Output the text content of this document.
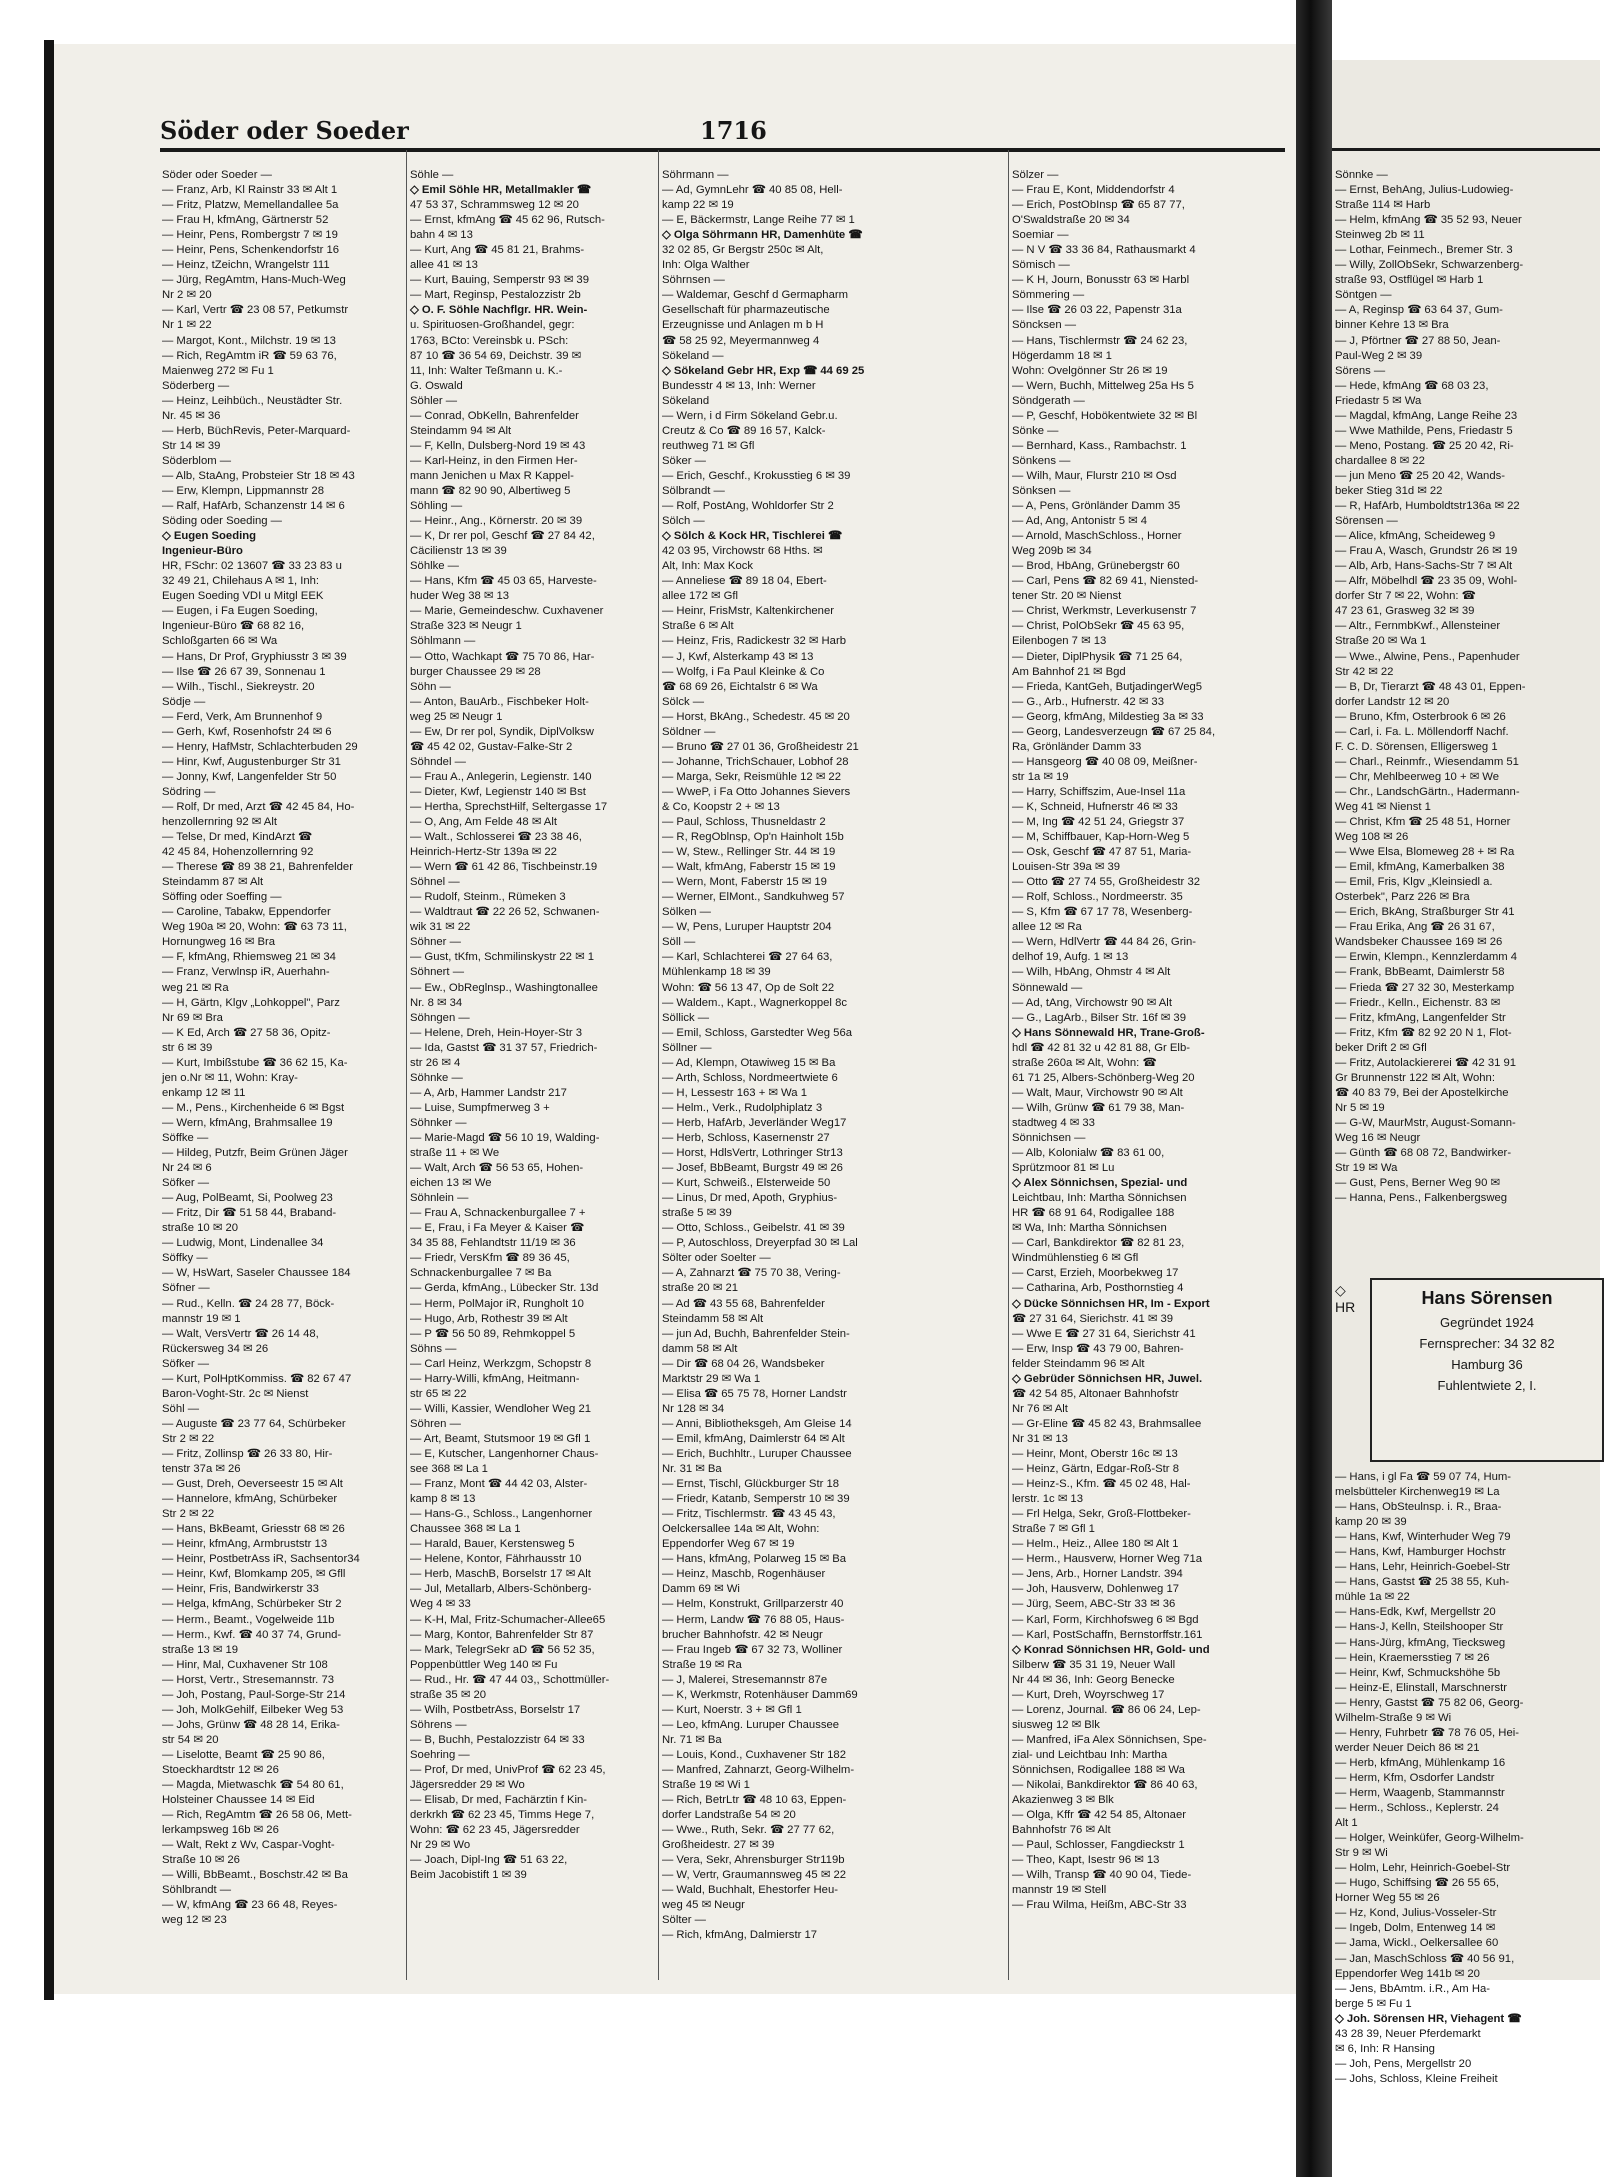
Söder oder Soeder	1716
Söder oder Soeder —
— Franz, Arb, Kl Rainstr 33 ✉ Alt 1
— Fritz, Platzw, Memellandallee 5a
— Frau H, kfmAng, Gärtnerstr 52
— Heinr, Pens, Rombergstr 7 ✉ 19
— Heinr, Pens, Schenkendorfstr 16
— Heinz, tZeichn, Wrangelstr 111
— Jürg, RegAmtm, Hans-Much-Weg
Nr 2 ✉ 20
— Karl, Vertr ☎ 23 08 57, Petkumstr
Nr 1 ✉ 22
— Margot, Kont., Milchstr. 19 ✉ 13
— Rich, RegAmtm iR ☎ 59 63 76,
Maienweg 272 ✉ Fu 1
Söderberg —
— Heinz, Leihbüch., Neustädter Str.
Nr. 45 ✉ 36
— Herb, BüchRevis, Peter-Marquard-
Str 14 ✉ 39
Söderblom —
— Alb, StaAng, Probsteier Str 18 ✉ 43
— Erw, Klempn, Lippmannstr 28
— Ralf, HafArb, Schanzenstr 14 ✉ 6
Söding oder Soeding —
◇ Eugen Soeding
Ingenieur-Büro
HR, FSchr: 02 13607 ☎ 33 23 83 u
32 49 21, Chilehaus A ✉ 1, Inh:
Eugen Soeding VDI u Mitgl EEK
— Eugen, i Fa Eugen Soeding,
Ingenieur-Büro ☎ 68 82 16,
Schloßgarten 66 ✉ Wa
— Hans, Dr Prof, Gryphiusstr 3 ✉ 39
— Ilse ☎ 26 67 39, Sonnenau 1
— Wilh., Tischl., Siekreystr. 20
Södje —
— Ferd, Verk, Am Brunnenhof 9
— Gerh, Kwf, Rosenhofstr 24 ✉ 6
— Henry, HafMstr, Schlachterbuden 29
— Hinr, Kwf, Augustenburger Str 31
— Jonny, Kwf, Langenfelder Str 50
Södring —
— Rolf, Dr med, Arzt ☎ 42 45 84, Ho-
henzollernring 92 ✉ Alt
— Telse, Dr med, KindArzt ☎
42 45 84, Hohenzollernring 92
— Therese ☎ 89 38 21, Bahrenfelder
Steindamm 87 ✉ Alt
Söffing oder Soeffing —
— Caroline, Tabakw, Eppendorfer
Weg 190a ✉ 20, Wohn: ☎ 63 73 11,
Hornungweg 16 ✉ Bra
— F, kfmAng, Rhiemsweg 21 ✉ 34
— Franz, Verwlnsp iR, Auerhahn-
weg 21 ✉ Ra
— H, Gärtn, Klgv „Lohkoppel", Parz
Nr 69 ✉ Bra
— K Ed, Arch ☎ 27 58 36, Opitz-
str 6 ✉ 39
— Kurt, Imbißstube ☎ 36 62 15, Ka-
jen o.Nr ✉ 11, Wohn: Kray-
enkamp 12 ✉ 11
— M., Pens., Kirchenheide 6 ✉ Bgst
— Wern, kfmAng, Brahmsallee 19
Söffke —
— Hildeg, Putzfr, Beim Grünen Jäger
Nr 24 ✉ 6
Söfker —
— Aug, PolBeamt, Si, Poolweg 23
— Fritz, Dir ☎ 51 58 44, Braband-
straße 10 ✉ 20
— Ludwig, Mont, Lindenallee 34
Söffky —
— W, HsWart, Saseler Chaussee 184
Söfner —
— Rud., Kelln. ☎ 24 28 77, Böck-
mannstr 19 ✉ 1
— Walt, VersVertr ☎ 26 14 48,
Rückersweg 34 ✉ 26
Söfker —
— Kurt, PolHptKommiss. ☎ 82 67 47
Baron-Voght-Str. 2c ✉ Nienst
Söhl —
— Auguste ☎ 23 77 64, Schürbeker
Str 2 ✉ 22
— Fritz, Zollinsp ☎ 26 33 80, Hir-
tenstr 37a ✉ 26
— Gust, Dreh, Oeverseestr 15 ✉ Alt
— Hannelore, kfmAng, Schürbeker
Str 2 ✉ 22
— Hans, BkBeamt, Griesstr 68 ✉ 26
— Heinr, kfmAng, Armbruststr 13
— Heinr, PostbetrAss iR, Sachsentor34
— Heinr, Kwf, Blomkamp 205, ✉ Gfll
— Heinr, Fris, Bandwirkerstr 33
— Helga, kfmAng, Schürbeker Str 2
— Herm., Beamt., Vogelweide 11b
— Herm., Kwf. ☎ 40 37 74, Grund-
straße 13 ✉ 19
— Hinr, Mal, Cuxhavener Str 108
— Horst, Vertr., Stresemannstr. 73
— Joh, Postang, Paul-Sorge-Str 214
— Joh, MolkGehilf, Eilbeker Weg 53
— Johs, Grünw ☎ 48 28 14, Erika-
str 54 ✉ 20
— Liselotte, Beamt ☎ 25 90 86,
Stoeckhardtstr 12 ✉ 26
— Magda, Mietwaschk ☎ 54 80 61,
Holsteiner Chaussee 14 ✉ Eid
— Rich, RegAmtm ☎ 26 58 06, Mett-
lerkampsweg 16b ✉ 26
— Walt, Rekt z Wv, Caspar-Voght-
Straße 10 ✉ 26
— Willi, BbBeamt., Boschstr.42 ✉ Ba
Söhlbrandt —
— W, kfmAng ☎ 23 66 48, Reyes-
weg 12 ✉ 23
Söhle —
◇ Emil Söhle HR, Metallmakler ☎
47 53 37, Schrammsweg 12 ✉ 20
— Ernst, kfmAng ☎ 45 62 96, Rutsch-
bahn 4 ✉ 13
— Kurt, Ang ☎ 45 81 21, Brahms-
allee 41 ✉ 13
— Kurt, Bauing, Semperstr 93 ✉ 39
— Mart, Reginsp, Pestalozzistr 2b
◇ O. F. Söhle Nachflgr. HR. Wein-
u. Spirituosen-Großhandel, gegr:
1763, BCto: Vereinsbk u. PSch:
87 10 ☎ 36 54 69, Deichstr. 39 ✉
11, Inh: Walter Teßmann u. K.-
G. Oswald
Söhler —
— Conrad, ObKelln, Bahrenfelder
Steindamm 94 ✉ Alt
— F, Kelln, Dulsberg-Nord 19 ✉ 43
— Karl-Heinz, in den Firmen Her-
mann Jenichen u Max R Kappel-
mann ☎ 82 90 90, Albertiweg 5
Söhling —
— Heinr., Ang., Körnerstr. 20 ✉ 39
— K, Dr rer pol, Geschf ☎ 27 84 42,
Cäcilienstr 13 ✉ 39
Söhlke —
— Hans, Kfm ☎ 45 03 65, Harveste-
huder Weg 38 ✉ 13
— Marie, Gemeindeschw. Cuxhavener
Straße 323 ✉ Neugr 1
Söhlmann —
— Otto, Wachkapt ☎ 75 70 86, Har-
burger Chaussee 29 ✉ 28
Söhn —
— Anton, BauArb., Fischbeker Holt-
weg 25 ✉ Neugr 1
— Ew, Dr rer pol, Syndik, DiplVolksw
☎ 45 42 02, Gustav-Falke-Str 2
Söhndel —
— Frau A., Anlegerin, Legienstr. 140
— Dieter, Kwf, Legienstr 140 ✉ Bst
— Hertha, SprechstHilf, Seltergasse 17
— O, Ang, Am Felde 48 ✉ Alt
— Walt., Schlosserei ☎ 23 38 46,
Heinrich-Hertz-Str 139a ✉ 22
— Wern ☎ 61 42 86, Tischbeinstr.19
Söhnel —
— Rudolf, Steinm., Rümeken 3
— Waldtraut ☎ 22 26 52, Schwanen-
wik 31 ✉ 22
Söhner —
— Gust, tKfm, Schmilinskystr 22 ✉ 1
Söhnert —
— Ew., ObReglnsp., Washingtonallee
Nr. 8 ✉ 34
Söhngen —
— Helene, Dreh, Hein-Hoyer-Str 3
— Ida, Gastst ☎ 31 37 57, Friedrich-
str 26 ✉ 4
Söhnke —
— A, Arb, Hammer Landstr 217
— Luise, Sumpfmerweg 3 +
Söhnker —
— Marie-Magd ☎ 56 10 19, Walding-
straße 11 + ✉ We
— Walt, Arch ☎ 56 53 65, Hohen-
eichen 13 ✉ We
Söhnlein —
— Frau A, Schnackenburgallee 7 +
— E, Frau, i Fa Meyer & Kaiser ☎
34 35 88, Fehlandtstr 11/19 ✉ 36
— Friedr, VersKfm ☎ 89 36 45,
Schnackenburgallee 7 ✉ Ba
— Gerda, kfmAng., Lübecker Str. 13d
— Herm, PolMajor iR, Rungholt 10
— Hugo, Arb, Rothestr 39 ✉ Alt
— P ☎ 56 50 89, Rehmkoppel 5
Söhns —
— Carl Heinz, Werkzgm, Schopstr 8
— Harry-Willi, kfmAng, Heitmann-
str 65 ✉ 22
— Willi, Kassier, Wendloher Weg 21
Söhren —
— Art, Beamt, Stutsmoor 19 ✉ Gfl 1
— E, Kutscher, Langenhorner Chaus-
see 368 ✉ La 1
— Franz, Mont ☎ 44 42 03, Alster-
kamp 8 ✉ 13
— Hans-G., Schloss., Langenhorner
Chaussee 368 ✉ La 1
— Harald, Bauer, Kerstensweg 5
— Helene, Kontor, Fährhausstr 10
— Herb, MaschB, Borselstr 17 ✉ Alt
— Jul, Metallarb, Albers-Schönberg-
Weg 4 ✉ 33
— K-H, Mal, Fritz-Schumacher-Allee65
— Marg, Kontor, Bahrenfelder Str 87
— Mark, TelegrSekr aD ☎ 56 52 35,
Poppenbüttler Weg 140 ✉ Fu
— Rud., Hr. ☎ 47 44 03,, Schottmüller-
straße 35 ✉ 20
— Wilh, PostbetrAss, Borselstr 17
Söhrens —
— B, Buchh, Pestalozzistr 64 ✉ 33
Soehring —
— Prof, Dr med, UnivProf ☎ 62 23 45,
Jägersredder 29 ✉ Wo
— Elisab, Dr med, Fachärztin f Kin-
derkrkh ☎ 62 23 45, Timms Hege 7,
Wohn: ☎ 62 23 45, Jägersredder
Nr 29 ✉ Wo
— Joach, Dipl-Ing ☎ 51 63 22,
Beim Jacobistift 1 ✉ 39
Söhrmann —
— Ad, GymnLehr ☎ 40 85 08, Hell-
kamp 22 ✉ 19
— E, Bäckermstr, Lange Reihe 77 ✉ 1
◇ Olga Söhrmann HR, Damenhüte ☎
32 02 85, Gr Bergstr 250c ✉ Alt,
Inh: Olga Walther
Söhrnsen —
— Waldemar, Geschf d Germapharm
Gesellschaft für pharmazeutische
Erzeugnisse und Anlagen m b H
☎ 58 25 92, Meyermannweg 4
Sökeland —
◇ Sökeland Gebr HR, Exp ☎ 44 69 25
Bundesstr 4 ✉ 13, Inh: Werner
Sökeland
— Wern, i d Firm Sökeland Gebr.u.
Creutz & Co ☎ 89 16 57, Kalck-
reuthweg 71 ✉ Gfl
Söker —
— Erich, Geschf., Krokusstieg 6 ✉ 39
Sölbrandt —
— Rolf, PostAng, Wohldorfer Str 2
Sölch —
◇ Sölch & Kock HR, Tischlerei ☎
42 03 95, Virchowstr 68 Hths. ✉
Alt, Inh: Max Kock
— Anneliese ☎ 89 18 04, Ebert-
allee 172 ✉ Gfl
— Heinr, FrisMstr, Kaltenkirchener
Straße 6 ✉ Alt
— Heinz, Fris, Radickestr 32 ✉ Harb
— J, Kwf, Alsterkamp 43 ✉ 13
— Wolfg, i Fa Paul Kleinke & Co
☎ 68 69 26, Eichtalstr 6 ✉ Wa
Sölck —
— Horst, BkAng., Schedestr. 45 ✉ 20
Söldner —
— Bruno ☎ 27 01 36, Großheidestr 21
— Johanne, TrichSchauer, Lobhof 28
— Marga, Sekr, Reismühle 12 ✉ 22
— WweP, i Fa Otto Johannes Sievers
& Co, Koopstr 2 + ✉ 13
— Paul, Schloss, Thusneldastr 2
— R, RegOblnsp, Op'n Hainholt 15b
— W, Stew., Rellinger Str. 44 ✉ 19
— Walt, kfmAng, Faberstr 15 ✉ 19
— Wern, Mont, Faberstr 15 ✉ 19
— Werner, ElMont., Sandkuhweg 57
Sölken —
— W, Pens, Luruper Hauptstr 204
Söll —
— Karl, Schlachterei ☎ 27 64 63,
Mühlenkamp 18 ✉ 39
Wohn: ☎ 56 13 47, Op de Solt 22
— Waldem., Kapt., Wagnerkoppel 8c
Söllick —
— Emil, Schloss, Garstedter Weg 56a
Söllner —
— Ad, Klempn, Otawiweg 15 ✉ Ba
— Arth, Schloss, Nordmeertwiete 6
— H, Lessestr 163 + ✉ Wa 1
— Helm., Verk., Rudolphiplatz 3
— Herb, HafArb, Jeverländer Weg17
— Herb, Schloss, Kasernenstr 27
— Horst, HdlsVertr, Lothringer Str13
— Josef, BbBeamt, Burgstr 49 ✉ 26
— Kurt, Schweiß., Elsterweide 50
— Linus, Dr med, Apoth, Gryphius-
straße 5 ✉ 39
— Otto, Schloss., Geibelstr. 41 ✉ 39
— P, Autoschloss, Dreyerpfad 30 ✉ Lal
Sölter oder Soelter —
— A, Zahnarzt ☎ 75 70 38, Vering-
straße 20 ✉ 21
— Ad ☎ 43 55 68, Bahrenfelder
Steindamm 58 ✉ Alt
— jun Ad, Buchh, Bahrenfelder Stein-
damm 58 ✉ Alt
— Dir ☎ 68 04 26, Wandsbeker
Marktstr 29 ✉ Wa 1
— Elisa ☎ 65 75 78, Horner Landstr
Nr 128 ✉ 34
— Anni, Bibliotheksgeh, Am Gleise 14
— Emil, kfmAng, Daimlerstr 64 ✉ Alt
— Erich, Buchhltr., Luruper Chaussee
Nr. 31 ✉ Ba
— Ernst, Tischl, Glückburger Str 18
— Friedr, Kataпb, Semperstr 10 ✉ 39
— Fritz, Tischlermstr. ☎ 43 45 43,
Oelckersallee 14a ✉ Alt, Wohn:
Eppendorfer Weg 67 ✉ 19
— Hans, kfmAng, Polarweg 15 ✉ Ba
— Heinz, Maschb, Rogenhäuser
Damm 69 ✉ Wi
— Helm, Konstrukt, Grillparzerstr 40
— Herm, Landw ☎ 76 88 05, Haus-
brucher Bahnhofstr. 42 ✉ Neugr
— Frau Ingeb ☎ 67 32 73, Wolliner
Straße 19 ✉ Ra
— J, Malerei, Stresemannstr 87e
— K, Werkmstr, Rotenhäuser Damm69
— Kurt, Noerstr. 3 + ✉ Gfl 1
— Leo, kfmAng. Luruper Chaussee
Nr. 71 ✉ Ba
— Louis, Kond., Cuxhavener Str 182
— Manfred, Zahnarzt, Georg-Wilhelm-
Straße 19 ✉ Wi 1
— Rich, BetrLtr ☎ 48 10 63, Eppen-
dorfer Landstraße 54 ✉ 20
— Wwe., Ruth, Sekr. ☎ 27 77 62,
Großheidestr. 27 ✉ 39
— Vera, Sekr, Ahrensburger Str119b
— W, Vertr, Graumannsweg 45 ✉ 22
— Wald, Buchhalt, Ehestorfer Heu-
weg 45 ✉ Neugr
Sölter —
— Rich, kfmAng, Dalmierstr 17
Sölzer —
— Frau E, Kont, Middendorfstr 4
— Erich, PostObInsp ☎ 65 87 77,
O'Swaldstraße 20 ✉ 34
Soemiar —
— N V ☎ 33 36 84, Rathausmarkt 4
Sömisch —
— K H, Journ, Bonusstr 63 ✉ Harbl
Sömmering —
— Ilse ☎ 26 03 22, Papenstr 31a
Söncksen —
— Hans, Tischlermstr ☎ 24 62 23,
Högerdamm 18 ✉ 1
Wohn: Ovelgönner Str 26 ✉ 19
— Wern, Buchh, Mittelweg 25a Hs 5
Söndgerath —
— P, Geschf, Hobökentwiete 32 ✉ Bl
Sönke —
— Bernhard, Kass., Rambachstr. 1
Sönkens —
— Wilh, Maur, Flurstr 210 ✉ Osd
Sönksen —
— A, Pens, Grönländer Damm 35
— Ad, Ang, Antonistr 5 ✉ 4
— Arnold, MaschSchloss., Horner
Weg 209b ✉ 34
— Brod, HbAng, Grünebergstr 60
— Carl, Pens ☎ 82 69 41, Niensted-
tener Str. 20 ✉ Nienst
— Christ, Werkmstr, Leverkusenstr 7
— Christ, PolObSekr ☎ 45 63 95,
Eilenbogen 7 ✉ 13
— Dieter, DiplPhysik ☎ 71 25 64,
Am Bahnhof 21 ✉ Bgd
— Frieda, KantGeh, ButjadingerWeg5
— G., Arb., Hufnerstr. 42 ✉ 33
— Georg, kfmAng, Mildestieg 3a ✉ 33
— Georg, Landesverzeugn ☎ 67 25 84,
Ra, Grönländer Damm 33
— Hansgeorg ☎ 40 08 09, Meißner-
str 1a ✉ 19
— Harry, Schiffszim, Aue-Insel 11a
— K, Schneid, Hufnerstr 46 ✉ 33
— M, Ing ☎ 42 51 24, Griegstr 37
— M, Schiffbauer, Kap-Horn-Weg 5
— Osk, Geschf ☎ 47 87 51, Maria-
Louisen-Str 39a ✉ 39
— Otto ☎ 27 74 55, Großheidestr 32
— Rolf, Schloss., Nordmeerstr. 35
— S, Kfm ☎ 67 17 78, Wesenberg-
allee 12 ✉ Ra
— Wern, HdlVertr ☎ 44 84 26, Grin-
delhof 19, Aufg. 1 ✉ 13
— Wilh, HbAng, Ohmstr 4 ✉ Alt
Sönnewald —
— Ad, tAng, Virchowstr 90 ✉ Alt
— G., LagArb., Bilser Str. 16f ✉ 39
◇ Hans Sönnewald HR, Trane-Groß-
hdl ☎ 42 81 32 u 42 81 88, Gr Elb-
straße 260a ✉ Alt, Wohn: ☎
61 71 25, Albers-Schönberg-Weg 20
— Walt, Maur, Virchowstr 90 ✉ Alt
— Wilh, Grünw ☎ 61 79 38, Man-
stadtweg 4 ✉ 33
Sönnichsen —
— Alb, Kolonialw ☎ 83 61 00,
Sprützmoor 81 ✉ Lu
◇ Alex Sönnichsen, Spezial- und
Leichtbau, Inh: Martha Sönnichsen
HR ☎ 68 91 64, Rodigallee 188
✉ Wa, Inh: Martha Sönnichsen
— Carl, Bankdirektor ☎ 82 81 23,
Windmühlenstieg 6 ✉ Gfl
— Carst, Erzieh, Moorbekweg 17
— Catharina, Arb, Posthornstieg 4
◇ Dücke Sönnichsen HR, Im - Export
☎ 27 31 64, Sierichstr. 41 ✉ 39
— Wwe E ☎ 27 31 64, Sierichstr 41
— Erw, Insp ☎ 43 79 00, Bahren-
felder Steindamm 96 ✉ Alt
◇ Gebrüder Sönnichsen HR, Juwel.
☎ 42 54 85, Altonaer Bahnhofstr
Nr 76 ✉ Alt
— Gr-Eline ☎ 45 82 43, Brahmsallee
Nr 31 ✉ 13
— Heinr, Mont, Oberstr 16c ✉ 13
— Heinz, Gärtn, Edgar-Roß-Str 8
— Heinz-S., Kfm. ☎ 45 02 48, Hal-
lerstr. 1c ✉ 13
— Frl Helga, Sekr, Groß-Flottbeker-
Straße 7 ✉ Gfl 1
— Helm., Heiz., Allee 180 ✉ Alt 1
— Herm., Hausverw, Horner Weg 71a
— Jens, Arb., Horner Landstr. 394
— Joh, Hausverw, Dohlenweg 17
— Jürg, Seem, ABC-Str 33 ✉ 36
— Karl, Form, Kirchhofsweg 6 ✉ Bgd
— Karl, PostSchaffn, Bernstorffstr.161
◇ Konrad Sönnichsen HR, Gold- und
Silberw ☎ 35 31 19, Neuer Wall
Nr 44 ✉ 36, Inh: Georg Benecke
— Kurt, Dreh, Woyrschweg 17
— Lorenz, Journal. ☎ 86 06 24, Lep-
siusweg 12 ✉ Blk
— Manfred, iFa Alex Sönnichsen, Spe-
zial- und Leichtbau Inh: Martha
Sönnichsen, Rodigallee 188 ✉ Wa
— Nikolai, Bankdirektor ☎ 86 40 63,
Akazienweg 3 ✉ Blk
— Olga, Kffr ☎ 42 54 85, Altonaer
Bahnhofstr 76 ✉ Alt
— Paul, Schlosser, Fangdieckstr 1
— Theo, Kapt, Isestr 96 ✉ 13
— Wilh, Transp ☎ 40 90 04, Tiede-
mannstr 19 ✉ Stell
— Frau Wilma, Heißm, ABC-Str 33
Sönnke —
— Ernst, BehAng, Julius-Ludowieg-
Straße 114 ✉ Harb
— Helm, kfmAng ☎ 35 52 93, Neuer
Steinweg 2b ✉ 11
— Lothar, Feinmech., Bremer Str. 3
— Willy, ZollObSekr, Schwarzenberg-
straße 93, Ostflügel ✉ Harb 1
Söntgen —
— A, Reginsp ☎ 63 64 37, Gum-
binner Kehre 13 ✉ Bra
— J, Pförtner ☎ 27 88 50, Jean-
Paul-Weg 2 ✉ 39
Sörens —
— Hede, kfmAng ☎ 68 03 23,
Friedastr 5 ✉ Wa
— Magdal, kfmAng, Lange Reihe 23
— Wwe Mathilde, Pens, Friedastr 5
— Meno, Postang. ☎ 25 20 42, Ri-
chardallee 8 ✉ 22
— jun Meno ☎ 25 20 42, Wands-
beker Stieg 31d ✉ 22
— R, HafArb, Humboldtstr136a ✉ 22
Sörensen —
— Alice, kfmAng, Scheideweg 9
— Frau A, Wasch, Grundstr 26 ✉ 19
— Alb, Arb, Hans-Sachs-Str 7 ✉ Alt
— Alfr, Möbelhdl ☎ 23 35 09, Wohl-
dorfer Str 7 ✉ 22, Wohn: ☎
47 23 61, Grasweg 32 ✉ 39
— Altr., FernmbKwf., Allensteiner
Straße 20 ✉ Wa 1
— Wwe., Alwine, Pens., Papenhuder
Str 42 ✉ 22
— B, Dr, Tierarzt ☎ 48 43 01, Eppen-
dorfer Landstr 12 ✉ 20
— Bruno, Kfm, Osterbrook 6 ✉ 26
— Carl, i. Fa. L. Möllendorff Nachf.
F. C. D. Sörensen, Elligersweg 1
— Charl., Reinmfr., Wiesendamm 51
— Chr, Mehlbeerweg 10 + ✉ We
— Chr., LandschGärtn., Hadermann-
Weg 41 ✉ Nienst 1
— Christ, Kfm ☎ 25 48 51, Horner
Weg 108 ✉ 26
— Wwe Elsa, Blomeweg 28 + ✉ Ra
— Emil, kfmAng, Kamerbalken 38
— Emil, Fris, Klgv „Kleinsiedl a.
Osterbek", Parz 226 ✉ Bra
— Erich, BkAng, Straßburger Str 41
— Frau Erika, Ang ☎ 26 31 67,
Wandsbeker Chaussee 169 ✉ 26
— Erwin, Klempn., Kennzlerdamm 4
— Frank, BbBeamt, Daimlerstr 58
— Frieda ☎ 27 32 30, Mesterkamp
— Friedr., Kelln., Eichenstr. 83 ✉
— Fritz, kfmAng, Langenfelder Str
— Fritz, Kfm ☎ 82 92 20 N 1, Flot-
beker Drift 2 ✉ Gfl
— Fritz, Autolackiererei ☎ 42 31 91
Gr Brunnenstr 122 ✉ Alt, Wohn:
☎ 40 83 79, Bei der Apostelkirche
Nr 5 ✉ 19
— G-W, MaurMstr, August-Somann-
Weg 16 ✉ Neugr
— Günth ☎ 68 08 72, Bandwirker-
Str 19 ✉ Wa
— Gust, Pens, Berner Weg 90 ✉
— Hanna, Pens., Falkenbergsweg
◇
HR	Hans Sörensen
Gegründet 1924
Fernsprecher: 34 32 82
Hamburg 36
Fuhlentwiete 2, I.
— Hans, i gl Fa ☎ 59 07 74, Hum-
melsbütteler Kirchenweg19 ✉ La
— Hans, ObSteulnsp. i. R., Braa-
kamp 20 ✉ 39
— Hans, Kwf, Winterhuder Weg 79
— Hans, Kwf, Hamburger Hochstr
— Hans, Lehr, Heinrich-Goebel-Str
— Hans, Gastst ☎ 25 38 55, Kuh-
mühle 1a ✉ 22
— Hans-Edk, Kwf, Mergellstr 20
— Hans-J, Kelln, Steilshooper Str
— Hans-Jürg, kfmAng, Tiecksweg
— Hein, Kraemersstieg 7 ✉ 26
— Heinr, Kwf, Schmuckshöhe 5b
— Heinz-E, Elinstall, Marschnerstr
— Henry, Gastst ☎ 75 82 06, Georg-
Wilhelm-Straße 9 ✉ Wi
— Henry, Fuhrbetr ☎ 78 76 05, Hei-
werder Neuer Deich 86 ✉ 21
— Herb, kfmAng, Mühlenkamp 16
— Herm, Kfm, Osdorfer Landstr
— Herm, Waagenb, Stammannstr
— Herm., Schloss., Keplerstr. 24
Alt 1
— Holger, Weinküfer, Georg-Wilhelm-
Str 9 ✉ Wi
— Holm, Lehr, Heinrich-Goebel-Str
— Hugo, Schiffsing ☎ 26 55 65,
Horner Weg 55 ✉ 26
— Hz, Kond, Julius-Vosseler-Str
— Ingeb, Dolm, Entenweg 14 ✉
— Jama, Wickl., Oelkersallee 60
— Jan, MaschSchloss ☎ 40 56 91,
Eppendorfer Weg 141b ✉ 20
— Jens, BbAmtm. i.R., Am Ha-
berge 5 ✉ Fu 1
◇ Joh. Sörensen HR, Viehagent ☎
43 28 39, Neuer Pferdemarkt
✉ 6, Inh: R Hansing
— Joh, Pens, Mergellstr 20
— Johs, Schloss, Kleine Freiheit
